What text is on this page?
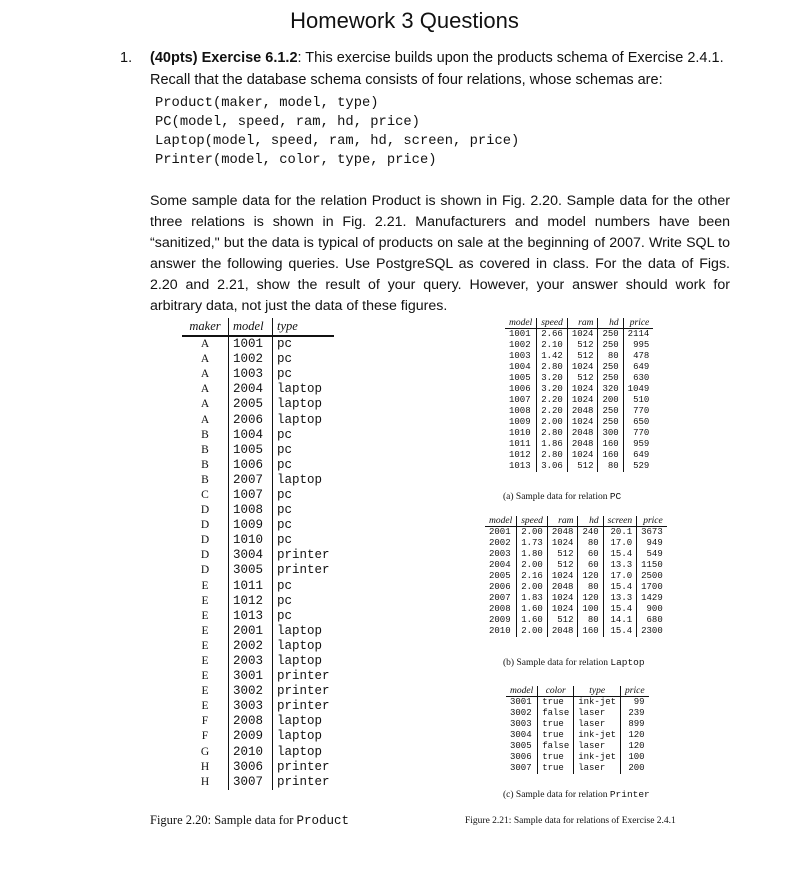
Homework 3 Questions
1. (40pts) Exercise 6.1.2: This exercise builds upon the products schema of Exercise 2.4.1.
Recall that the database schema consists of four relations, whose schemas are:
Product(maker, model, type)
PC(model, speed, ram, hd, price)
Laptop(model, speed, ram, hd, screen, price)
Printer(model, color, type, price)
Some sample data for the relation Product is shown in Fig. 2.20. Sample data for the other three relations is shown in Fig. 2.21. Manufacturers and model numbers have been “sanitized," but the data is typical of products on sale at the beginning of 2007. Write SQL to answer the following queries. Use PostgreSQL as covered in class. For the data of Figs. 2.20 and 2.21, show the result of your query. However, your answer should work for arbitrary data, not just the data of these figures.
maker	model	type
A	1001	pc
A	1002	pc
A	1003	pc
A	2004	laptop
A	2005	laptop
A	2006	laptop
B	1004	pc
B	1005	pc
B	1006	pc
B	2007	laptop
C	1007	pc
D	1008	pc
D	1009	pc
D	1010	pc
D	3004	printer
D	3005	printer
E	1011	pc
E	1012	pc
E	1013	pc
E	2001	laptop
E	2002	laptop
E	2003	laptop
E	3001	printer
E	3002	printer
E	3003	printer
F	2008	laptop
F	2009	laptop
G	2010	laptop
H	3006	printer
H	3007	printer
Figure 2.20: Sample data for Product
model	speed	ram	hd	price
1001	2.66	1024	250	2114
1002	2.10	512	250	995
1003	1.42	512	80	478
1004	2.80	1024	250	649
1005	3.20	512	250	630
1006	3.20	1024	320	1049
1007	2.20	1024	200	510
1008	2.20	2048	250	770
1009	2.00	1024	250	650
1010	2.80	2048	300	770
1011	1.86	2048	160	959
1012	2.80	1024	160	649
1013	3.06	512	80	529
(a) Sample data for relation PC
model	speed	ram	hd	screen	price
2001	2.00	2048	240	20.1	3673
2002	1.73	1024	80	17.0	949
2003	1.80	512	60	15.4	549
2004	2.00	512	60	13.3	1150
2005	2.16	1024	120	17.0	2500
2006	2.00	2048	80	15.4	1700
2007	1.83	1024	120	13.3	1429
2008	1.60	1024	100	15.4	900
2009	1.60	512	80	14.1	680
2010	2.00	2048	160	15.4	2300
(b) Sample data for relation Laptop
model	color	type	price
3001	true	ink-jet	99
3002	false	laser	239
3003	true	laser	899
3004	true	ink-jet	120
3005	false	laser	120
3006	true	ink-jet	100
3007	true	laser	200
(c) Sample data for relation Printer
Figure 2.21: Sample data for relations of Exercise 2.4.1
